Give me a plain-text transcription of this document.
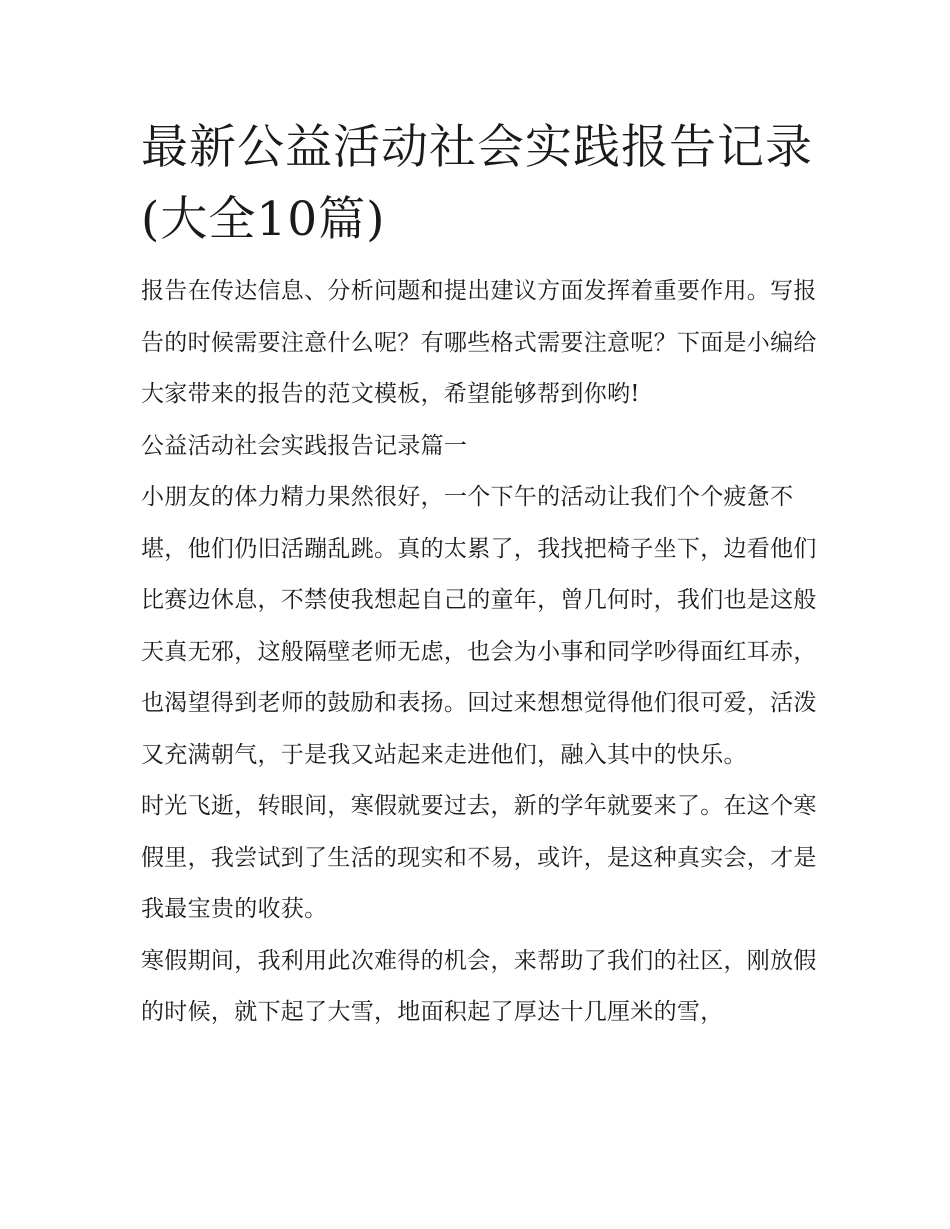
最新公益活动社会实践报告记录(大全10篇)

报告在传达信息、分析问题和提出建议方面发挥着重要作用。写报告的时候需要注意什么呢？有哪些格式需要注意呢？下面是小编给大家带来的报告的范文模板，希望能够帮到你哟!

公益活动社会实践报告记录篇一

小朋友的体力精力果然很好，一个下午的活动让我们个个疲惫不堪，他们仍旧活蹦乱跳。真的太累了，我找把椅子坐下，边看他们比赛边休息，不禁使我想起自己的童年，曾几何时，我们也是这般天真无邪，这般隔壁老师无虑，也会为小事和同学吵得面红耳赤，也渴望得到老师的鼓励和表扬。回过来想想觉得他们很可爱，活泼又充满朝气，于是我又站起来走进他们，融入其中的快乐。

时光飞逝，转眼间，寒假就要过去，新的学年就要来了。在这个寒假里，我尝试到了生活的现实和不易，或许，是这种真实会，才是我最宝贵的收获。

寒假期间，我利用此次难得的机会，来帮助了我们的社区，刚放假的时候，就下起了大雪，地面积起了厚达十几厘米的雪，
